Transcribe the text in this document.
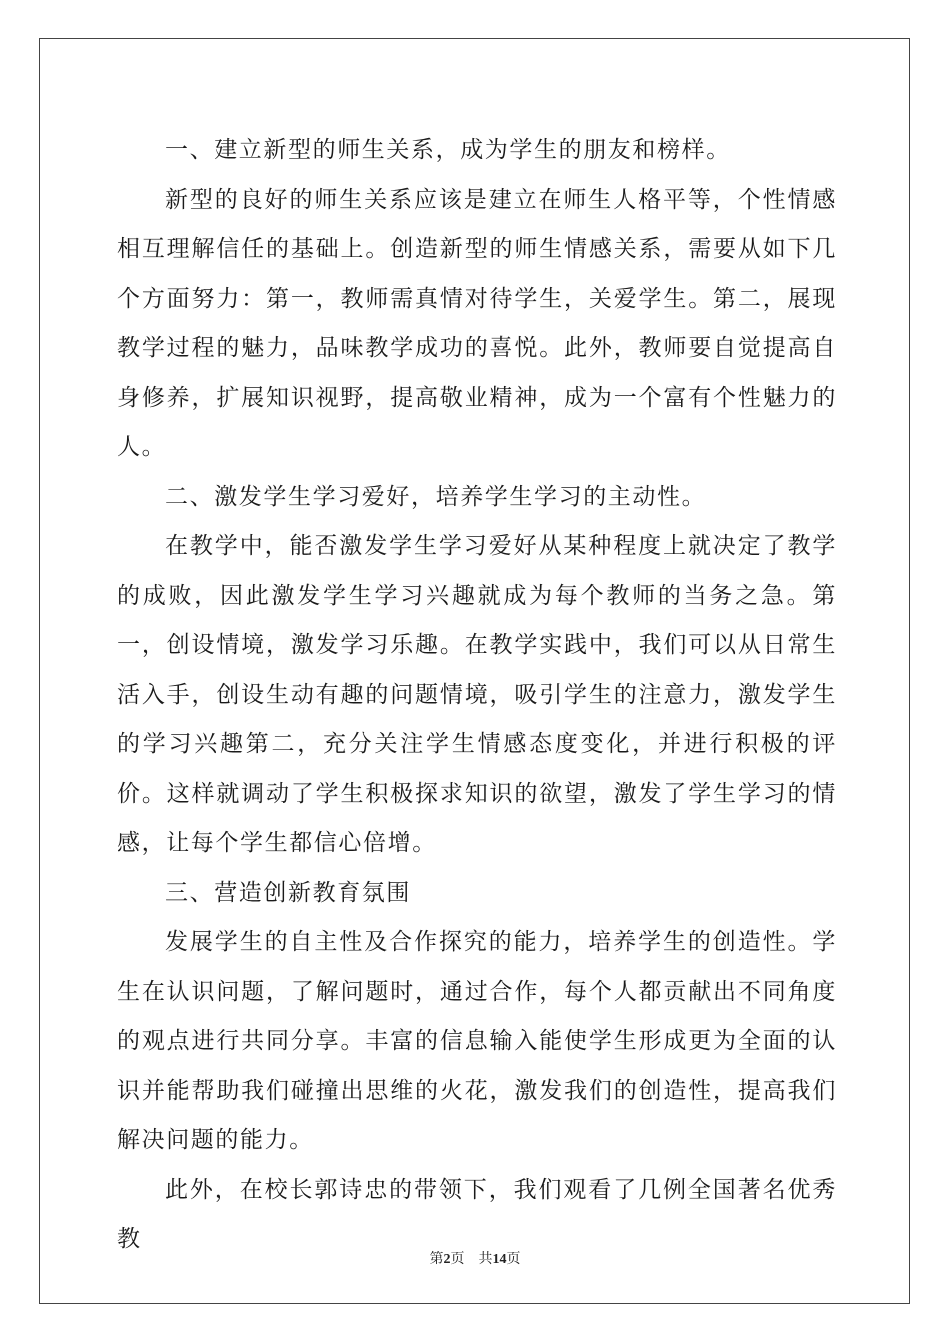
一、建立新型的师生关系，成为学生的朋友和榜样。

新型的良好的师生关系应该是建立在师生人格平等，个性情感相互理解信任的基础上。创造新型的师生情感关系，需要从如下几个方面努力：第一，教师需真情对待学生，关爱学生。第二，展现教学过程的魅力，品味教学成功的喜悦。此外，教师要自觉提高自身修养，扩展知识视野，提高敬业精神，成为一个富有个性魅力的人。

二、激发学生学习爱好，培养学生学习的主动性。

在教学中，能否激发学生学习爱好从某种程度上就决定了教学的成败，因此激发学生学习兴趣就成为每个教师的当务之急。第一，创设情境，激发学习乐趣。在教学实践中，我们可以从日常生活入手，创设生动有趣的问题情境，吸引学生的注意力，激发学生的学习兴趣第二，充分关注学生情感态度变化，并进行积极的评价。这样就调动了学生积极探求知识的欲望，激发了学生学习的情感，让每个学生都信心倍增。

三、营造创新教育氛围

发展学生的自主性及合作探究的能力，培养学生的创造性。学生在认识问题，了解问题时，通过合作，每个人都贡献出不同角度的观点进行共同分享。丰富的信息输入能使学生形成更为全面的认识并能帮助我们碰撞出思维的火花，激发我们的创造性，提高我们解决问题的能力。

此外，在校长郭诗忠的带领下，我们观看了几例全国著名优秀教

第2页 共14页
